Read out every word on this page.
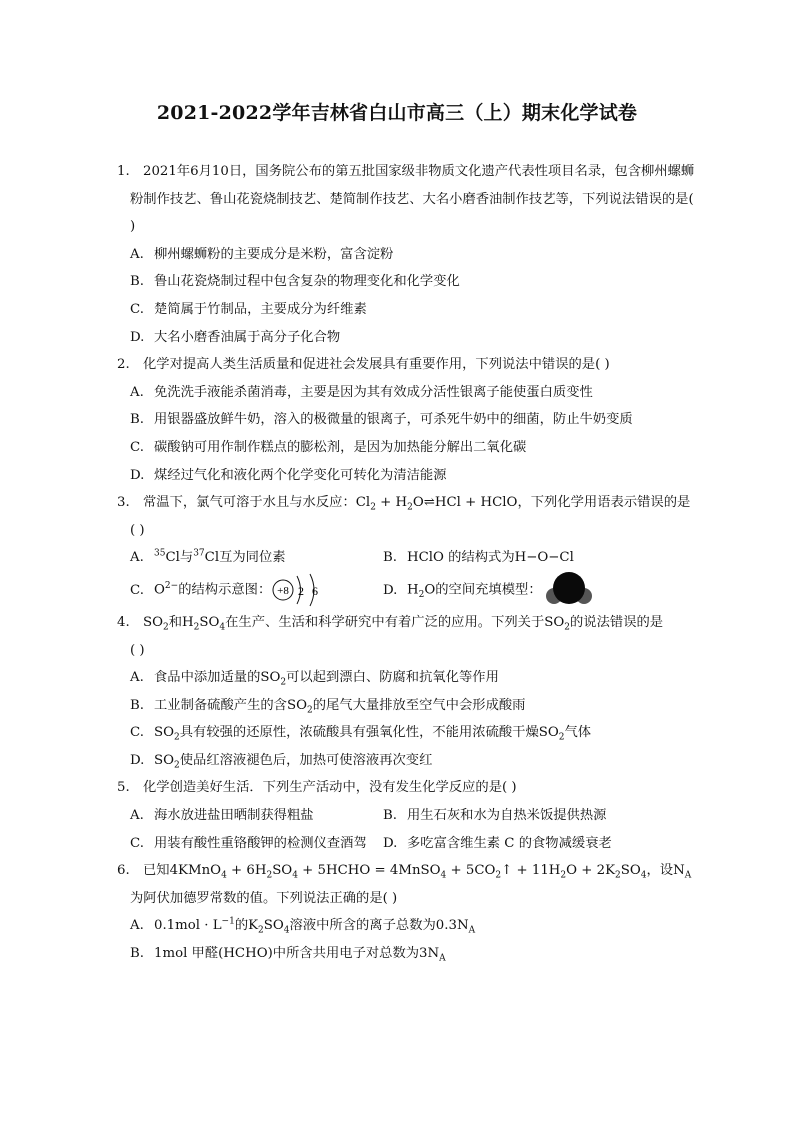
2021-2022学年吉林省白山市高三（上）期末化学试卷

1. 2021年6月10日，国务院公布的第五批国家级非物质文化遗产代表性项目名录，包含柳州螺蛳粉制作技艺、鲁山花瓷烧制技艺、楚简制作技艺、大名小磨香油制作技艺等，下列说法错误的是( )

A. 柳州螺蛳粉的主要成分是米粉，富含淀粉

B. 鲁山花瓷烧制过程中包含复杂的物理变化和化学变化

C. 楚简属于竹制品，主要成分为纤维素

D. 大名小磨香油属于高分子化合物

2. 化学对提高人类生活质量和促进社会发展具有重要作用，下列说法中错误的是( )

A. 免洗洗手液能杀菌消毒，主要是因为其有效成分活性银离子能使蛋白质变性

B. 用银器盛放鲜牛奶，溶入的极微量的银离子，可杀死牛奶中的细菌，防止牛奶变质

C. 碳酸钠可用作制作糕点的膨松剂，是因为加热能分解出二氧化碳

D. 煤经过气化和液化两个化学变化可转化为清洁能源

3. 常温下，氯气可溶于水且与水反应：$Cl_2$ + $H_2O\rightleftharpoons HCl$ + HClO，下列化学用语表示错误的是
( )

A. $^{35}$Cl与$^{37}$Cl互为同位素	B. HClO 的结构式为H−O−Cl
C. $O^{2-}$的结构示意图： +8 2 6	D. $H_2O$的空间充填模型：

4. $SO_2$和$H_2SO_4$在生产、生活和科学研究中有着广泛的应用。下列关于$SO_2$的说法错误的是
( )

A. 食品中添加适量的$SO_2$可以起到漂白、防腐和抗氧化等作用

B. 工业制备硫酸产生的含$SO_2$的尾气大量排放至空气中会形成酸雨

C. $SO_2$具有较强的还原性，浓硫酸具有强氧化性，不能用浓硫酸干燥$SO_2$气体

D. $SO_2$使品红溶液褪色后，加热可使溶液再次变红

5. 化学创造美好生活．下列生产活动中，没有发生化学反应的是( )

A. 海水放进盐田晒制获得粗盐	B. 用生石灰和水为自热米饭提供热源
C. 用装有酸性重铬酸钾的检测仪查酒驾	D. 多吃富含维生素 C 的食物减缓衰老

6. 已知4KMnO$_4$ + $6H_2SO_4$ + 5HCHO = 4MnSO$_4$ + $5CO_2↑ + 11H_2O + 2K_2SO_4$，设$N_A$为阿伏加德罗常数的值。下列说法正确的是( )

A. $0.1mol \cdot L^{-1}$的$K_2SO_4$溶液中所含的离子总数为$0.3N_A$

B. 1mol 甲醛(HCHO)中所含共用电子对总数为$3N_A$
